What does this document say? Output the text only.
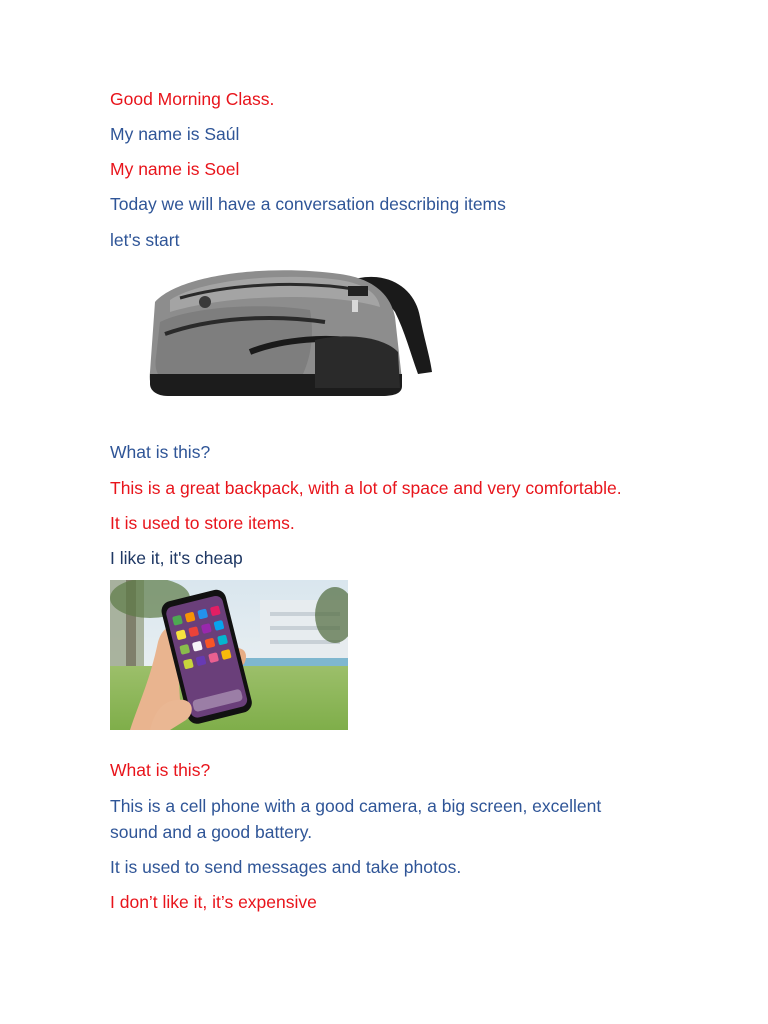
Good Morning Class.
My name is Saúl
My name is Soel
Today we will have a conversation describing items
let's start
What is this?
This is a great backpack, with a lot of space and very comfortable.
It is used to store items.
I like it, it's cheap
What is this?
This is a cell phone with a good camera, a big screen, excellent sound and a good battery.
It is used to send messages and take photos.
I don’t like it, it’s expensive
